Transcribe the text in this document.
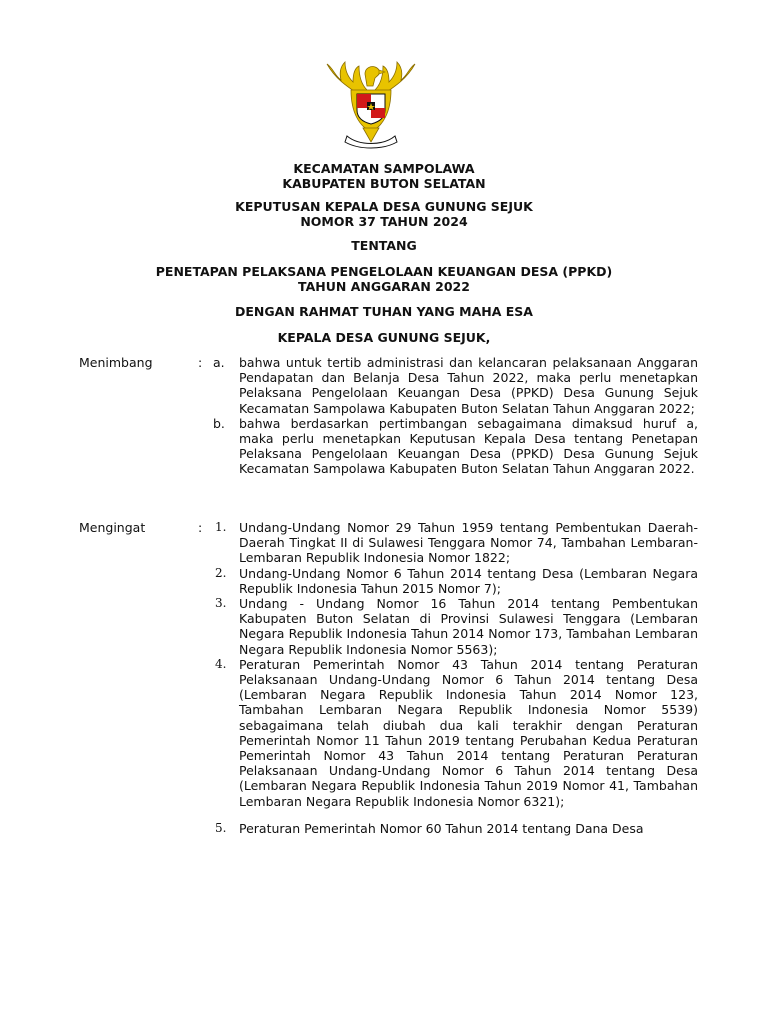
KECAMATAN SAMPOLAWA
KABUPATEN BUTON SELATAN
KEPUTUSAN KEPALA DESA GUNUNG SEJUK
NOMOR 37 TAHUN 2024
TENTANG
PENETAPAN PELAKSANA PENGELOLAAN KEUANGAN DESA (PPKD)
TAHUN ANGGARAN 2022
DENGAN RAHMAT TUHAN YANG MAHA ESA
KEPALA DESA GUNUNG SEJUK,
Menimbang	: a.	bahwa untuk tertib administrasi dan kelancaran pelaksanaan Anggaran Pendapatan dan Belanja Desa Tahun 2022, maka perlu menetapkan Pelaksana Pengelolaan Keuangan Desa (PPKD) Desa Gunung Sejuk Kecamatan Sampolawa Kabupaten Buton Selatan Tahun Anggaran 2022;
b.	bahwa berdasarkan pertimbangan sebagaimana dimaksud huruf a, maka perlu menetapkan Keputusan Kepala Desa tentang Penetapan Pelaksana Pengelolaan Keuangan Desa (PPKD) Desa Gunung Sejuk Kecamatan Sampolawa Kabupaten Buton Selatan Tahun Anggaran 2022.
Mengingat	: 1.	Undang-Undang Nomor 29 Tahun 1959 tentang Pembentukan Daerah-Daerah Tingkat II di Sulawesi Tenggara Nomor 74, Tambahan Lembaran-Lembaran Republik Indonesia Nomor 1822;
2.	Undang-Undang Nomor 6 Tahun 2014 tentang Desa (Lembaran Negara Republik Indonesia Tahun 2015 Nomor 7);
3.	Undang - Undang Nomor 16 Tahun 2014 tentang Pembentukan Kabupaten Buton Selatan di Provinsi Sulawesi Tenggara (Lembaran Negara Republik Indonesia Tahun 2014 Nomor 173, Tambahan Lembaran Negara Republik Indonesia Nomor 5563);
4.	Peraturan Pemerintah Nomor 43 Tahun 2014 tentang Peraturan Pelaksanaan Undang-Undang Nomor 6 Tahun 2014 tentang Desa (Lembaran Negara Republik Indonesia Tahun 2014 Nomor 123, Tambahan Lembaran Negara Republik Indonesia Nomor 5539) sebagaimana telah diubah dua kali terakhir dengan Peraturan Pemerintah Nomor 11 Tahun 2019 tentang Perubahan Kedua Peraturan Pemerintah Nomor 43 Tahun 2014 tentang Peraturan Peraturan Pelaksanaan Undang-Undang Nomor 6 Tahun 2014 tentang Desa (Lembaran Negara Republik Indonesia Tahun 2019 Nomor 41, Tambahan Lembaran Negara Republik Indonesia Nomor 6321);
5.	Peraturan Pemerintah Nomor 60 Tahun 2014 tentang Dana Desa
